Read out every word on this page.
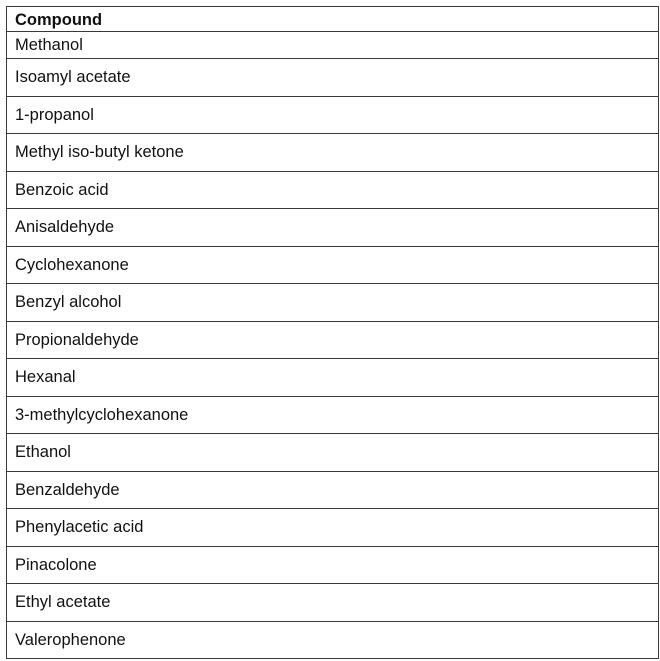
Compound
Methanol
Isoamyl acetate
1-propanol
Methyl iso-butyl ketone
Benzoic acid
Anisaldehyde
Cyclohexanone
Benzyl alcohol
Propionaldehyde
Hexanal
3-methylcyclohexanone
Ethanol
Benzaldehyde
Phenylacetic acid
Pinacolone
Ethyl acetate
Valerophenone
